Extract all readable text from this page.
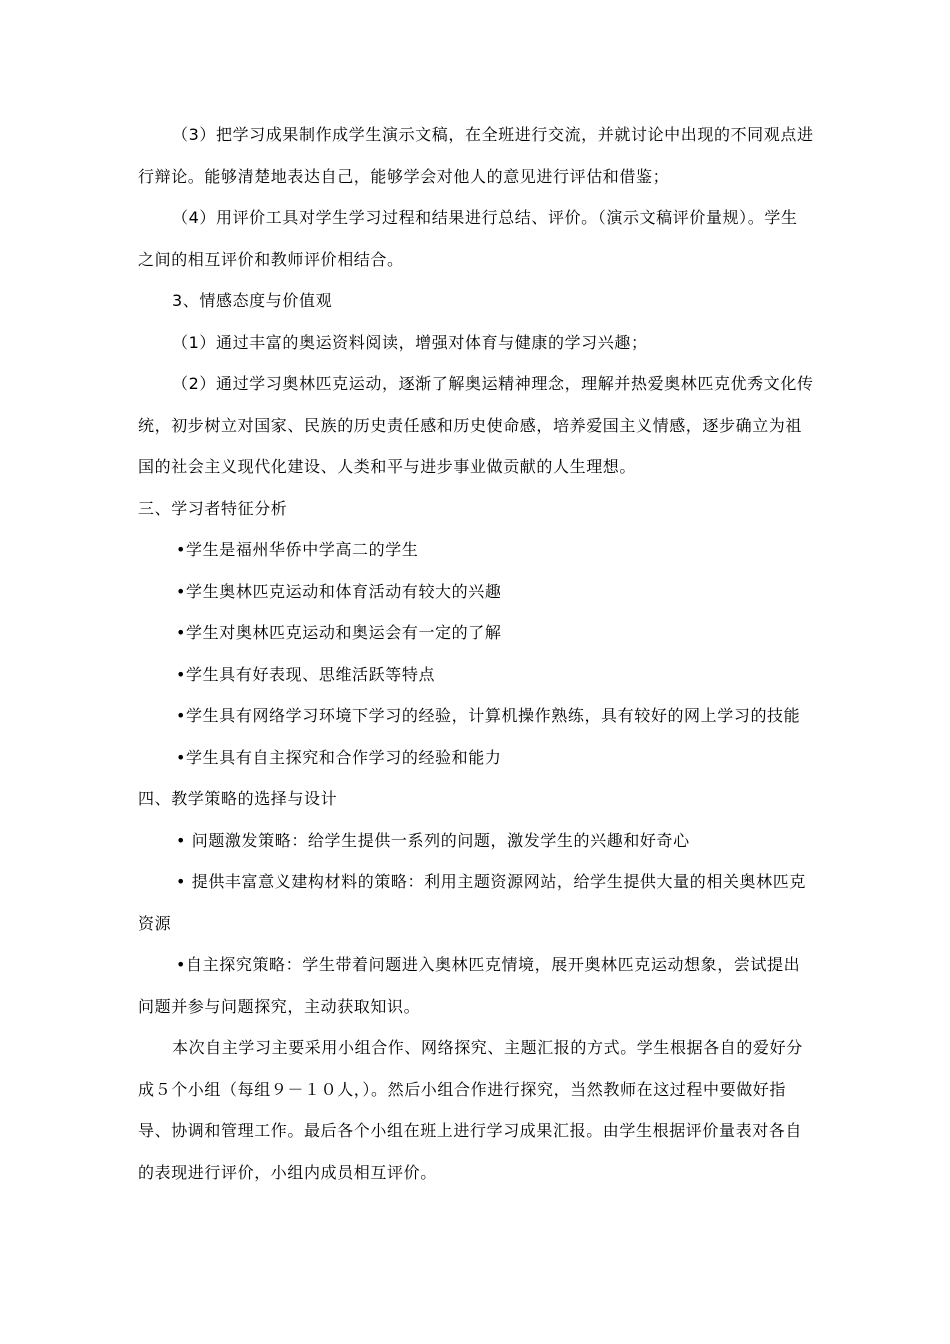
（3）把学习成果制作成学生演示文稿，在全班进行交流，并就讨论中出现的不同观点进行辩论。能够清楚地表达自己，能够学会对他人的意见进行评估和借鉴；

（4）用评价工具对学生学习过程和结果进行总结、评价。（演示文稿评价量规）。学生之间的相互评价和教师评价相结合。

3、情感态度与价值观

（1）通过丰富的奥运资料阅读，增强对体育与健康的学习兴趣；

（2）通过学习奥林匹克运动，逐渐了解奥运精神理念，理解并热爱奥林匹克优秀文化传统，初步树立对国家、民族的历史责任感和历史使命感，培养爱国主义情感，逐步确立为祖国的社会主义现代化建设、人类和平与进步事业做贡献的人生理想。

三、学习者特征分析

•学生是福州华侨中学高二的学生

•学生奥林匹克运动和体育活动有较大的兴趣

•学生对奥林匹克运动和奥运会有一定的了解

•学生具有好表现、思维活跃等特点

•学生具有网络学习环境下学习的经验，计算机操作熟练，具有较好的网上学习的技能

•学生具有自主探究和合作学习的经验和能力

四、教学策略的选择与设计

• 问题激发策略：给学生提供一系列的问题，激发学生的兴趣和好奇心

• 提供丰富意义建构材料的策略：利用主题资源网站，给学生提供大量的相关奥林匹克资源

•自主探究策略：学生带着问题进入奥林匹克情境，展开奥林匹克运动想象，尝试提出问题并参与问题探究，主动获取知识。

本次自主学习主要采用小组合作、网络探究、主题汇报的方式。学生根据各自的爱好分成５个小组（每组９－１０人，）。然后小组合作进行探究，当然教师在这过程中要做好指导、协调和管理工作。最后各个小组在班上进行学习成果汇报。由学生根据评价量表对各自的表现进行评价，小组内成员相互评价。
